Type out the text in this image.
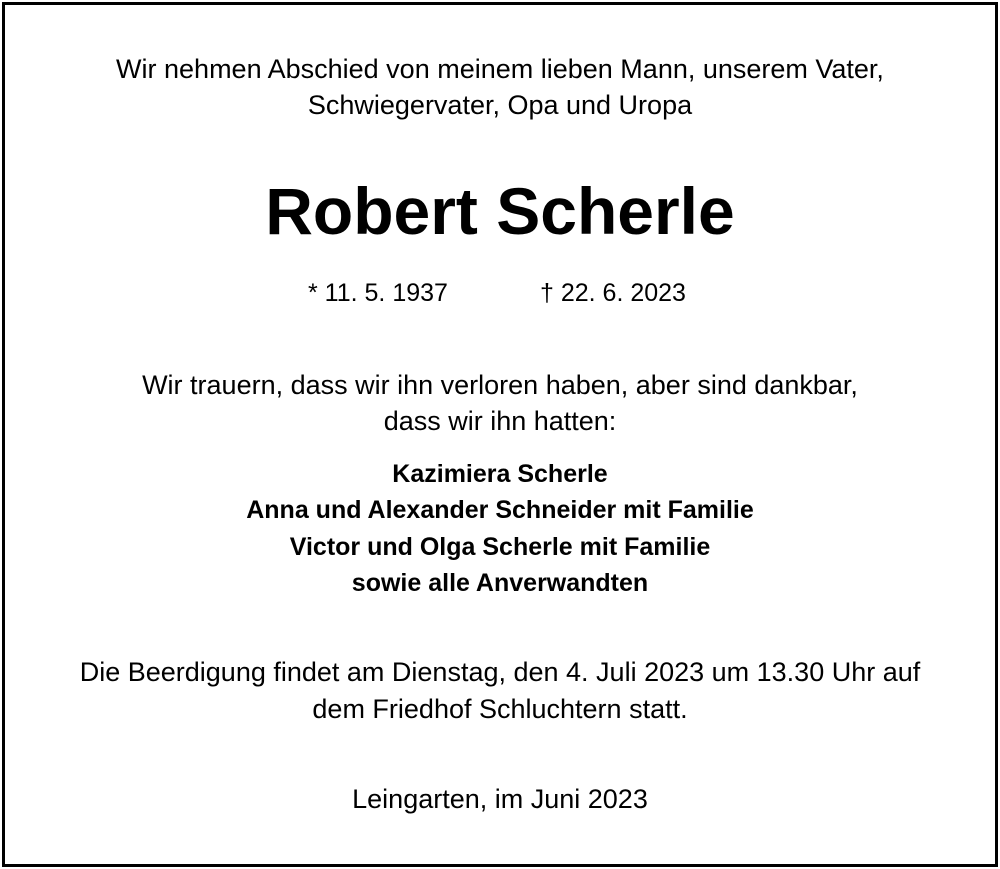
Wir nehmen Abschied von meinem lieben Mann, unserem Vater,
Schwiegervater, Opa und Uropa
Robert Scherle
* 11. 5. 1937	† 22. 6. 2023
Wir trauern, dass wir ihn verloren haben, aber sind dankbar,
dass wir ihn hatten:
Kazimiera Scherle
Anna und Alexander Schneider mit Familie
Victor und Olga Scherle mit Familie
sowie alle Anverwandten
Die Beerdigung findet am Dienstag, den 4. Juli 2023 um 13.30 Uhr auf
dem Friedhof Schluchtern statt.
Leingarten, im Juni 2023
